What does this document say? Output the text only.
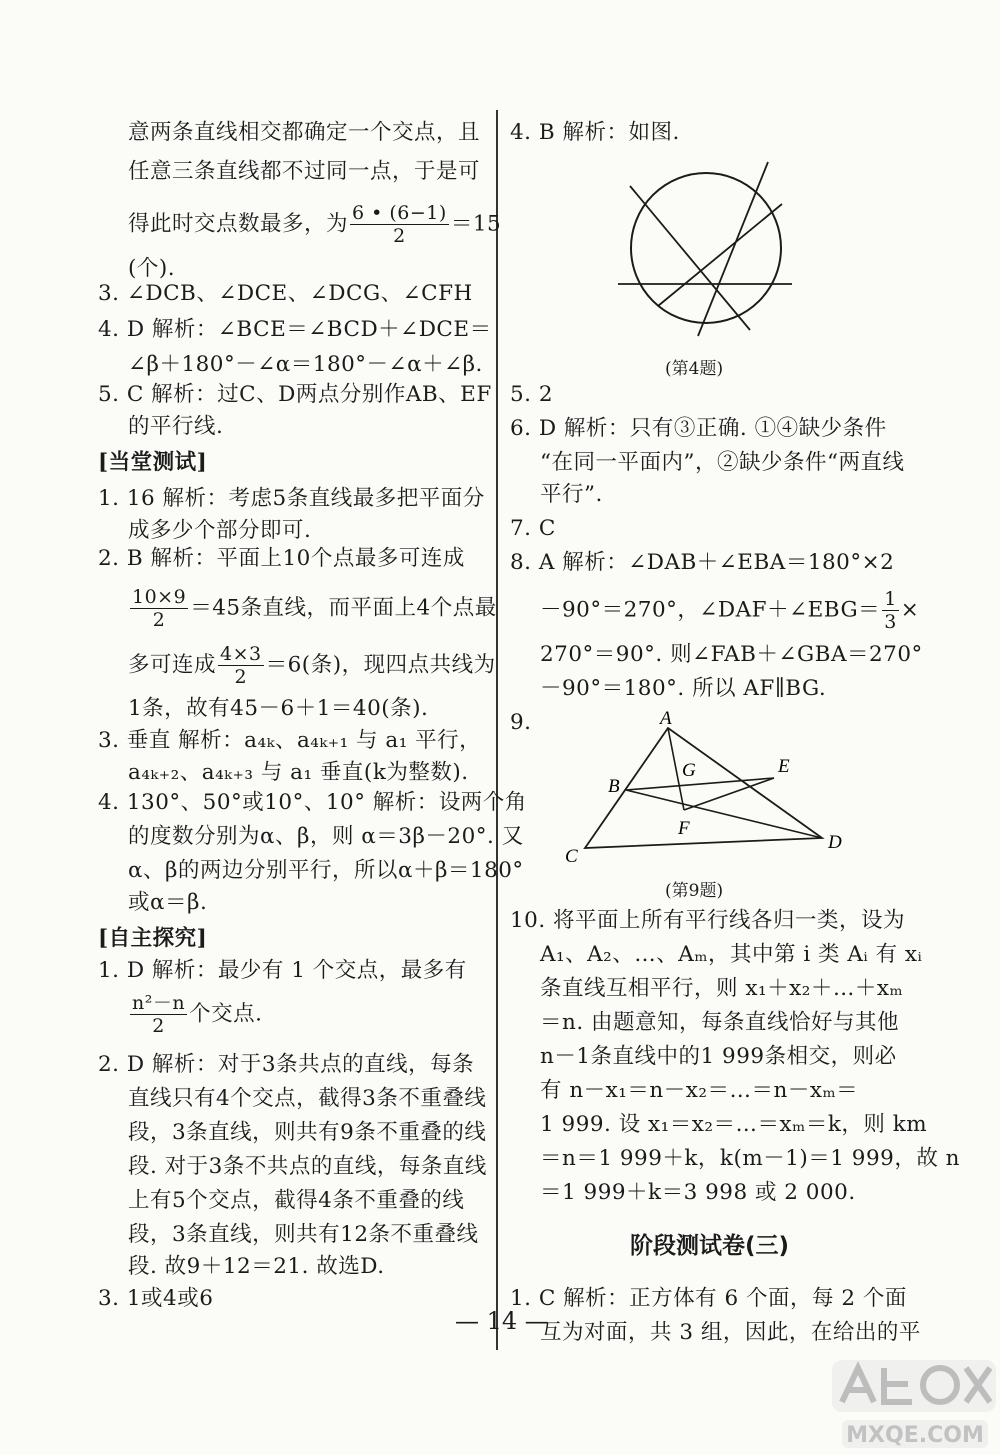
意两条直线相交都确定一个交点，且
任意三条直线都不过同一点，于是可
得此时交点数最多，为 $\frac{6 • (6-1)}{2} =15$
(个).
3. ∠DCB、∠DCE、∠DCG、∠CFH
4. D 解析：∠BCE＝∠BCD＋∠DCE＝
∠β＋180°－∠α＝180°－∠α＋∠β.
5. C 解析：过C、D两点分别作AB、EF
的平行线.
[当堂测试]
1. 16 解析：考虑5条直线最多把平面分
成多少个部分即可.
2. B 解析：平面上10个点最多可连成
$\frac{10\times 9}{2} =45$条直线，而平面上4个点最
多可连成 $\frac{4\times 3}{2} =6$(条)，现四点共线为
1条，故有45－6＋1＝40(条).
3. 垂直 解析：a₄ₖ、a₄ₖ₊₁ 与 a₁ 平行，
a₄ₖ₊₂、a₄ₖ₊₃ 与 a₁ 垂直(k为整数).
4. 130°、50°或10°、10° 解析：设两个角
的度数分别为α、β，则 α＝3β－20°. 又
α、β的两边分别平行，所以α＋β＝180°
或α＝β.
[自主探究]
1. D 解析：最少有 1 个交点，最多有
$\frac{\text{n²－n}}{2}$ 个交点.
2. D 解析：对于3条共点的直线，每条
直线只有4个交点，截得3条不重叠线
段，3条直线，则共有9条不重叠的线
段. 对于3条不共点的直线，每条直线
上有5个交点，截得4条不重叠的线
段，3条直线，则共有12条不重叠线
段. 故9＋12＝21. 故选D.
3. 1或4或6
4. B 解析：如图.
(第4题)
5. 2
6. D 解析：只有③正确. ①④缺少条件
“在同一平面内”，②缺少条件“两直线
平行”.
7. C
8. A 解析：∠DAB＋∠EBA＝180°×2
－90°＝270°，∠DAF＋∠EBG＝ $\frac{1}{3}$ ×
270°＝90°. 则∠FAB＋∠GBA＝270°
－90°＝180°. 所以 AF∥BG.
9.	A
B
C
D
E
F
G
(第9题)
10. 将平面上所有平行线各归一类，设为
A₁、A₂、…、Aₘ，其中第 i 类 Aᵢ 有 xᵢ
条直线互相平行，则 x₁＋x₂＋…＋xₘ
＝n. 由题意知，每条直线恰好与其他
n－1条直线中的1 999条相交，则必
有 n－x₁＝n－x₂＝…＝n－xₘ＝
1 999. 设 x₁＝x₂＝…＝xₘ＝k，则 km
＝n＝1 999＋k，k(m－1)＝1 999，故 n
＝1 999＋k＝3 998 或 2 000.
阶段测试卷(三)
1. C 解析：正方体有 6 个面，每 2 个面
互为对面，共 3 组，因此，在给出的平
— 14 —
MXQE.COM
